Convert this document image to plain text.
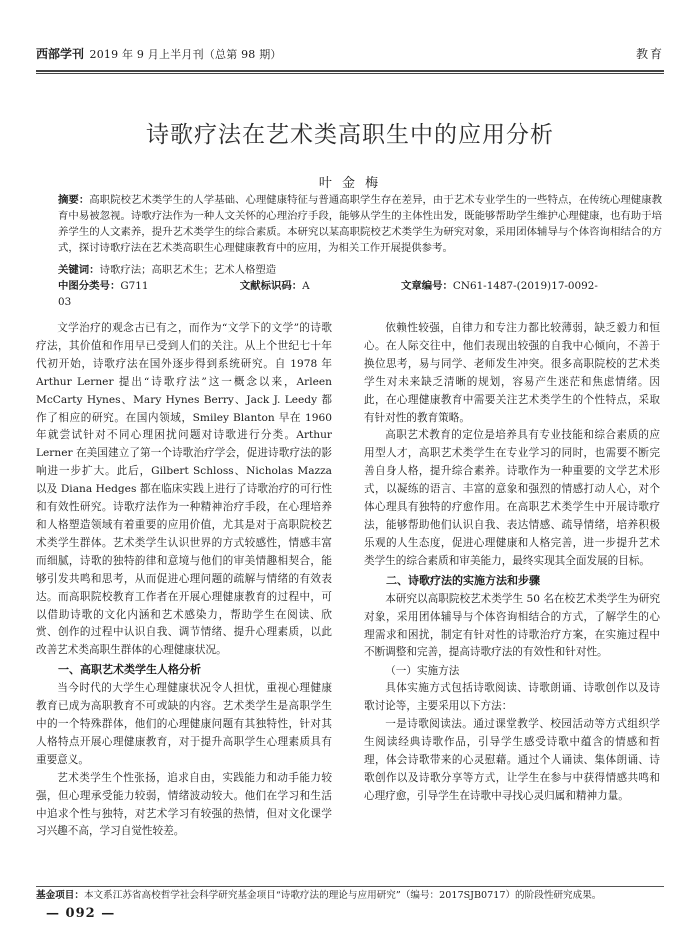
西部学刊 2019 年 9 月上半月刊（总第 98 期）	教育
诗歌疗法在艺术类高职生中的应用分析
叶 金 梅
摘要：高职院校艺术类学生的人学基础、心理健康特征与普通高职学生存在差异，由于艺术专业学生的一些特点，在传统心理健康教育中易被忽视。诗歌疗法作为一种人文关怀的心理治疗手段，能够从学生的主体性出发，既能够帮助学生维护心理健康，也有助于培养学生的人文素养，提升艺术类学生的综合素质。本研究以某高职院校艺术类学生为研究对象，采用团体辅导与个体咨询相结合的方式，探讨诗歌疗法在艺术类高职生心理健康教育中的应用，为相关工作开展提供参考。
关键词：诗歌疗法；高职艺术生；艺术人格塑造
中图分类号：G711	文献标识码：A	文章编号：CN61-1487-(2019)17-0092-03

文学治疗的观念古已有之，而作为“文学下的文学”的诗歌疗法，其价值和作用早已受到人们的关注。从上个世纪七十年代初开始，诗歌疗法在国外逐步得到系统研究。自 1978 年 Arthur Lerner 提出“诗歌疗法”这一概念以来，Arleen McCarty Hynes、Mary Hynes Berry、Jack J. Leedy 都作了相应的研究。在国内领域，Smiley Blanton 早在 1960 年就尝试针对不同心理困扰问题对诗歌进行分类。Arthur Lerner 在美国建立了第一个诗歌治疗学会，促进诗歌疗法的影响进一步扩大。此后，Gilbert Schloss、Nicholas Mazza 以及 Diana Hedges 都在临床实践上进行了诗歌治疗的可行性和有效性研究。诗歌疗法作为一种精神治疗手段，在心理培养和人格塑造领域有着重要的应用价值，尤其是对于高职院校艺术类学生群体。艺术类学生认识世界的方式较感性，情感丰富而细腻，诗歌的独特韵律和意境与他们的审美情趣相契合，能够引发共鸣和思考，从而促进心理问题的疏解与情绪的有效表达。而高职院校教育工作者在开展心理健康教育的过程中，可以借助诗歌的文化内涵和艺术感染力，帮助学生在阅读、欣赏、创作的过程中认识自我、调节情绪、提升心理素质，以此改善艺术类高职生群体的心理健康状况。

一、高职艺术类学生人格分析

当今时代的大学生心理健康状况令人担忧，重视心理健康教育已成为高职教育不可或缺的内容。艺术类学生是高职学生中的一个特殊群体，他们的心理健康问题有其独特性，针对其人格特点开展心理健康教育，对于提升高职学生心理素质具有重要意义。

艺术类学生个性张扬，追求自由，实践能力和动手能力较强，但心理承受能力较弱，情绪波动较大。他们在学习和生活中追求个性与独特，对艺术学习有较强的热情，但对文化课学习兴趣不高，学习自觉性较差。

依赖性较强，自律力和专注力都比较薄弱，缺乏毅力和恒心。在人际交往中，他们表现出较强的自我中心倾向，不善于换位思考，易与同学、老师发生冲突。很多高职院校的艺术类学生对未来缺乏清晰的规划，容易产生迷茫和焦虑情绪。因此，在心理健康教育中需要关注艺术类学生的个性特点，采取有针对性的教育策略。

高职艺术教育的定位是培养具有专业技能和综合素质的应用型人才，高职艺术类学生在专业学习的同时，也需要不断完善自身人格，提升综合素养。诗歌作为一种重要的文学艺术形式，以凝练的语言、丰富的意象和强烈的情感打动人心，对个体心理具有独特的疗愈作用。在高职艺术类学生中开展诗歌疗法，能够帮助他们认识自我、表达情感、疏导情绪，培养积极乐观的人生态度，促进心理健康和人格完善，进一步提升艺术类学生的综合素质和审美能力，最终实现其全面发展的目标。

二、诗歌疗法的实施方法和步骤

本研究以高职院校艺术类学生 50 名在校艺术类学生为研究对象，采用团体辅导与个体咨询相结合的方式，了解学生的心理需求和困扰，制定有针对性的诗歌治疗方案，在实施过程中不断调整和完善，提高诗歌疗法的有效性和针对性。

（一）实施方法

具体实施方式包括诗歌阅读、诗歌朗诵、诗歌创作以及诗歌讨论等，主要采用以下方法：

一是诗歌阅读法。通过课堂教学、校园活动等方式组织学生阅读经典诗歌作品，引导学生感受诗歌中蕴含的情感和哲理，体会诗歌带来的心灵慰藉。通过个人诵读、集体朗诵、诗歌创作以及诗歌分享等方式，让学生在参与中获得情感共鸣和心理疗愈，引导学生在诗歌中寻找心灵归属和精神力量。

基金项目：本文系江苏省高校哲学社会科学研究基金项目“诗歌疗法的理论与应用研究”（编号：2017SJB0717）的阶段性研究成果。
— 092 —
